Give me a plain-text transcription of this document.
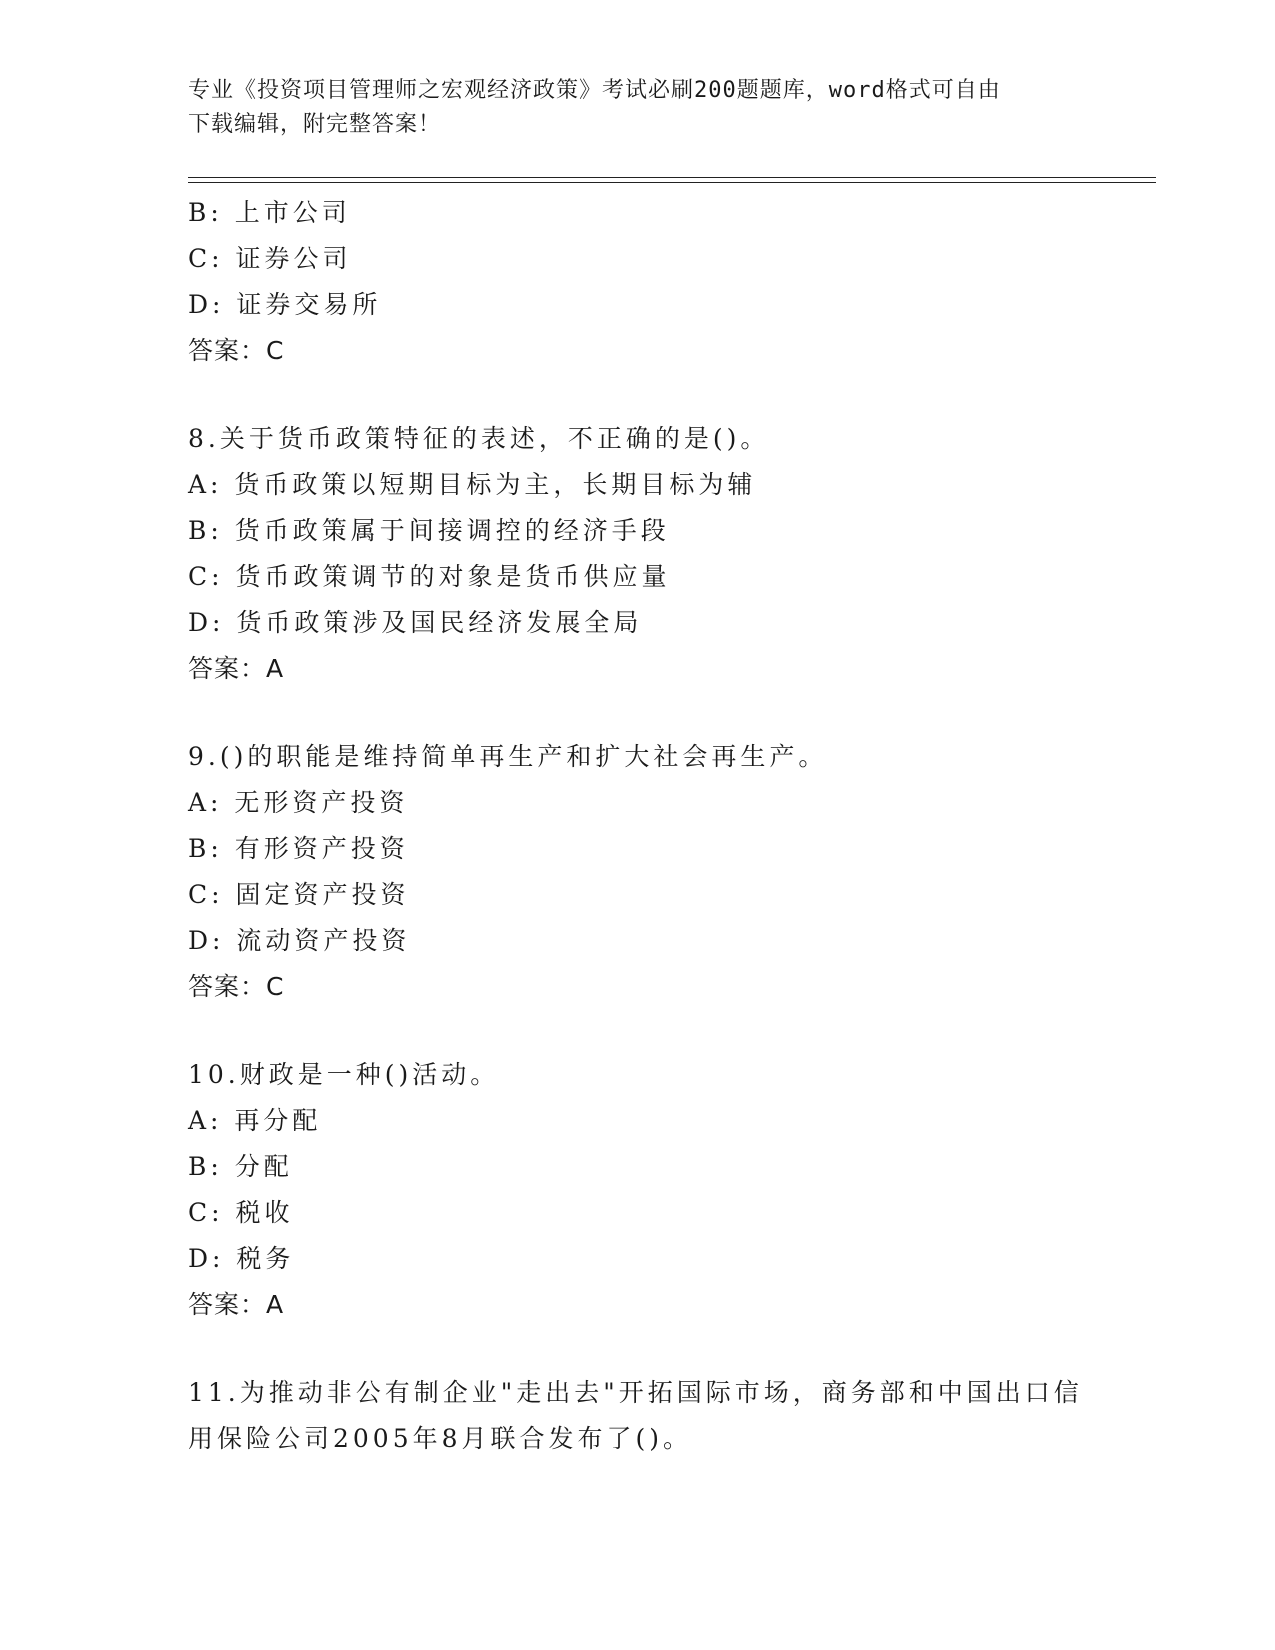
专业《投资项目管理师之宏观经济政策》考试必刷200题题库，word格式可自由
下载编辑，附完整答案！
B: 上市公司
C: 证券公司
D: 证券交易所
答案：C
8.关于货币政策特征的表述，不正确的是()。
A: 货币政策以短期目标为主，长期目标为辅
B: 货币政策属于间接调控的经济手段
C: 货币政策调节的对象是货币供应量
D: 货币政策涉及国民经济发展全局
答案：A
9.()的职能是维持简单再生产和扩大社会再生产。
A: 无形资产投资
B: 有形资产投资
C: 固定资产投资
D: 流动资产投资
答案：C
10.财政是一种()活动。
A: 再分配
B: 分配
C: 税收
D: 税务
答案：A
11.为推动非公有制企业"走出去"开拓国际市场，商务部和中国出口信
用保险公司2005年8月联合发布了()。
